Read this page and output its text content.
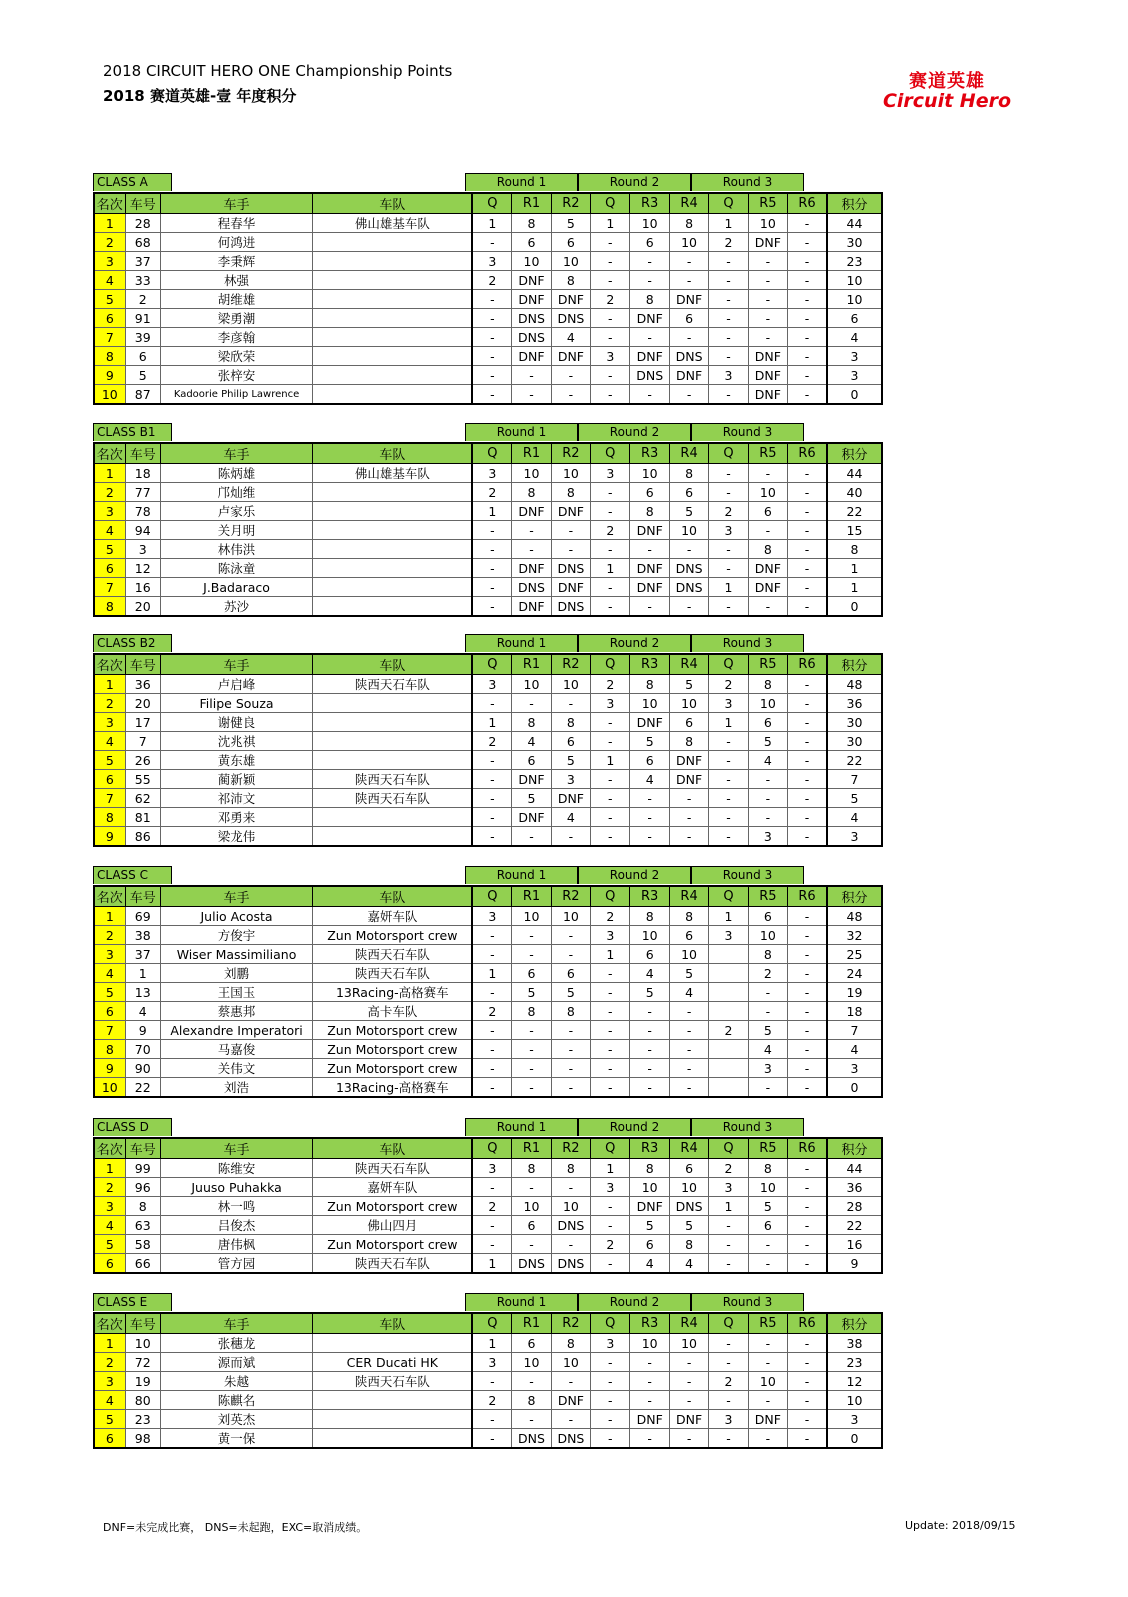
2018 CIRCUIT HERO ONE Championship Points
2018 赛道英雄-壹 年度积分
赛道英雄
Circuit Hero
CLASS A	Round 1	Round 2	Round 3
名次	车号	车手	车队	Q	R1	R2	Q	R3	R4	Q	R5	R6	积分
1	28	程春华	佛山雄基车队	1	8	5	1	10	8	1	10	-	44
2	68	何鸿进		-	6	6	-	6	10	2	DNF	-	30
3	37	李秉辉		3	10	10	-	-	-	-	-	-	23
4	33	林强		2	DNF	8	-	-	-	-	-	-	10
5	2	胡维雄		-	DNF	DNF	2	8	DNF	-	-	-	10
6	91	梁勇潮		-	DNS	DNS	-	DNF	6	-	-	-	6
7	39	李彦翰		-	DNS	4	-	-	-	-	-	-	4
8	6	梁欣荣		-	DNF	DNF	3	DNF	DNS	-	DNF	-	3
9	5	张梓安		-	-	-	-	DNS	DNF	3	DNF	-	3
10	87	Kadoorie Philip Lawrence		-	-	-	-	-	-	-	DNF	-	0
CLASS B1	Round 1	Round 2	Round 3
名次	车号	车手	车队	Q	R1	R2	Q	R3	R4	Q	R5	R6	积分
1	18	陈炳雄	佛山雄基车队	3	10	10	3	10	8	-	-	-	44
2	77	邝灿维		2	8	8	-	6	6	-	10	-	40
3	78	卢家乐		1	DNF	DNF	-	8	5	2	6	-	22
4	94	关月明		-	-	-	2	DNF	10	3	-	-	15
5	3	林伟洪		-	-	-	-	-	-	-	8	-	8
6	12	陈泳童		-	DNF	DNS	1	DNF	DNS	-	DNF	-	1
7	16	J.Badaraco		-	DNS	DNF	-	DNF	DNS	1	DNF	-	1
8	20	苏沙		-	DNF	DNS	-	-	-	-	-	-	0
CLASS B2	Round 1	Round 2	Round 3
名次	车号	车手	车队	Q	R1	R2	Q	R3	R4	Q	R5	R6	积分
1	36	卢启峰	陕西天石车队	3	10	10	2	8	5	2	8	-	48
2	20	Filipe Souza		-	-	-	3	10	10	3	10	-	36
3	17	谢健良		1	8	8	-	DNF	6	1	6	-	30
4	7	沈兆祺		2	4	6	-	5	8	-	5	-	30
5	26	黄东雄		-	6	5	1	6	DNF	-	4	-	22
6	55	蔺新颖	陕西天石车队	-	DNF	3	-	4	DNF	-	-	-	7
7	62	祁沛文	陕西天石车队	-	5	DNF	-	-	-	-	-	-	5
8	81	邓勇来		-	DNF	4	-	-	-	-	-	-	4
9	86	梁龙伟		-	-	-	-	-	-	-	3	-	3
CLASS C	Round 1	Round 2	Round 3
名次	车号	车手	车队	Q	R1	R2	Q	R3	R4	Q	R5	R6	积分
1	69	Julio Acosta	嘉妍车队	3	10	10	2	8	8	1	6	-	48
2	38	方俊宇	Zun Motorsport crew	-	-	-	3	10	6	3	10	-	32
3	37	Wiser Massimiliano	陕西天石车队	-	-	-	1	6	10		8	-	25
4	1	刘鹏	陕西天石车队	1	6	6	-	4	5		2	-	24
5	13	王国玉	13Racing-高格赛车	-	5	5	-	5	4		-	-	19
6	4	蔡惠邦	高卡车队	2	8	8	-	-	-		-	-	18
7	9	Alexandre Imperatori	Zun Motorsport crew	-	-	-	-	-	-	2	5	-	7
8	70	马嘉俊	Zun Motorsport crew	-	-	-	-	-	-		4	-	4
9	90	关伟文	Zun Motorsport crew	-	-	-	-	-	-		3	-	3
10	22	刘浩	13Racing-高格赛车	-	-	-	-	-	-		-	-	0
CLASS D	Round 1	Round 2	Round 3
名次	车号	车手	车队	Q	R1	R2	Q	R3	R4	Q	R5	R6	积分
1	99	陈维安	陕西天石车队	3	8	8	1	8	6	2	8	-	44
2	96	Juuso Puhakka	嘉妍车队	-	-	-	3	10	10	3	10	-	36
3	8	林一鸣	Zun Motorsport crew	2	10	10	-	DNF	DNS	1	5	-	28
4	63	吕俊杰	佛山四月	-	6	DNS	-	5	5	-	6	-	22
5	58	唐伟枫	Zun Motorsport crew	-	-	-	2	6	8	-	-	-	16
6	66	管方园	陕西天石车队	1	DNS	DNS	-	4	4	-	-	-	9
CLASS E	Round 1	Round 2	Round 3
名次	车号	车手	车队	Q	R1	R2	Q	R3	R4	Q	R5	R6	积分
1	10	张穗龙		1	6	8	3	10	10	-	-	-	38
2	72	源而斌	CER Ducati HK	3	10	10	-	-	-	-	-	-	23
3	19	朱越	陕西天石车队	-	-	-	-	-	-	2	10	-	12
4	80	陈麒名		2	8	DNF	-	-	-	-	-	-	10
5	23	刘英杰		-	-	-	-	DNF	DNF	3	DNF	-	3
6	98	黄一保		-	DNS	DNS	-	-	-	-	-	-	0
DNF=未完成比赛， DNS=未起跑，EXC=取消成绩。	Update: 2018/09/15
